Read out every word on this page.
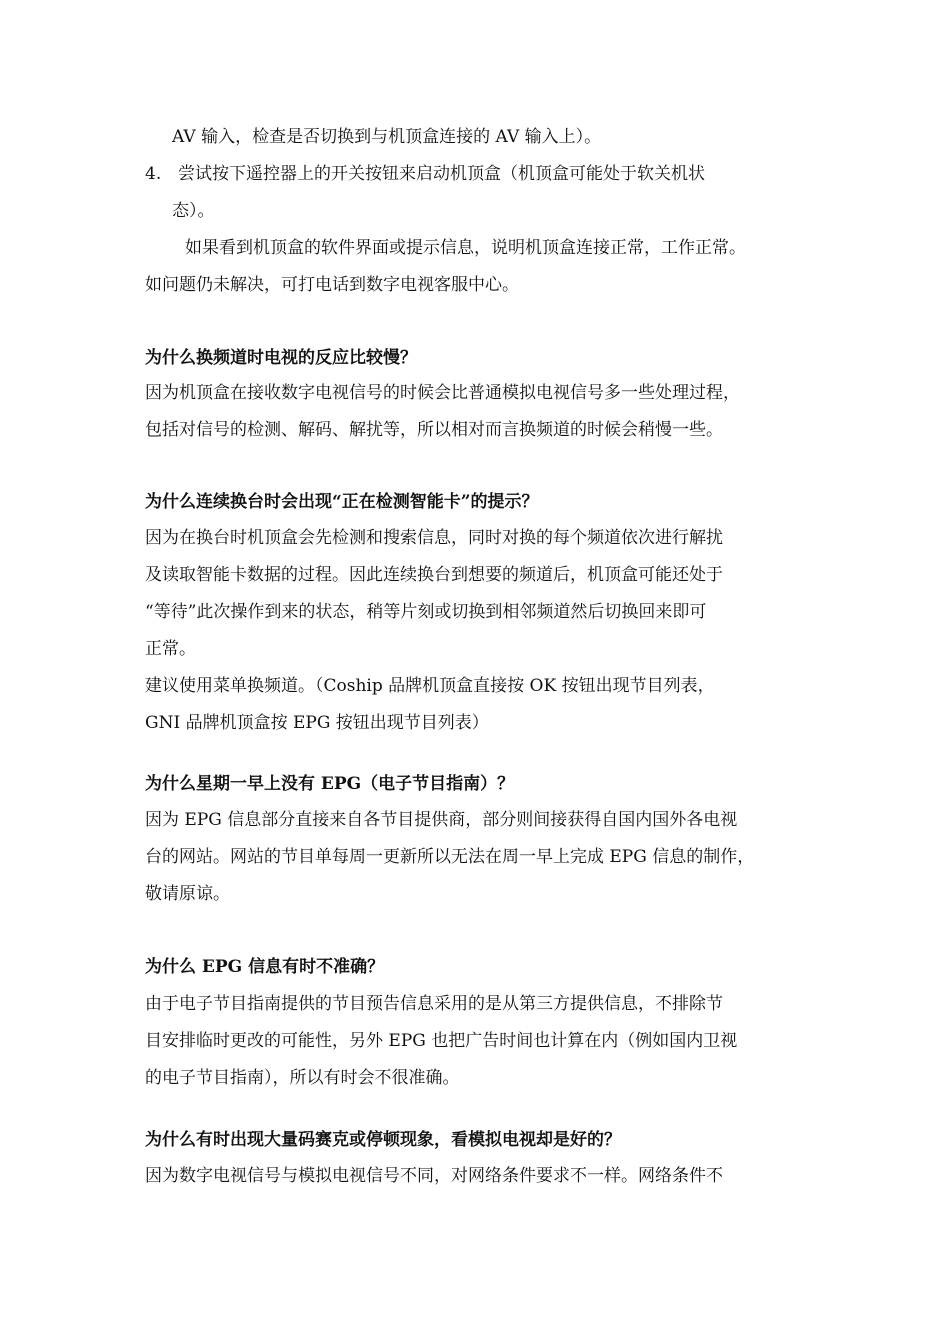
AV 输入，检查是否切换到与机顶盒连接的 AV 输入上）。
4. 尝试按下遥控器上的开关按钮来启动机顶盒（机顶盒可能处于软关机状
态）。
如果看到机顶盒的软件界面或提示信息，说明机顶盒连接正常，工作正常。
如问题仍未解决，可打电话到数字电视客服中心。
为什么换频道时电视的反应比较慢？
因为机顶盒在接收数字电视信号的时候会比普通模拟电视信号多一些处理过程，
包括对信号的检测、解码、解扰等，所以相对而言换频道的时候会稍慢一些。
为什么连续换台时会出现“正在检测智能卡”的提示？
因为在换台时机顶盒会先检测和搜索信息，同时对换的每个频道依次进行解扰
及读取智能卡数据的过程。因此连续换台到想要的频道后，机顶盒可能还处于
“等待”此次操作到来的状态，稍等片刻或切换到相邻频道然后切换回来即可
正常。
建议使用菜单换频道。（Coship 品牌机顶盒直接按 OK 按钮出现节目列表，
GNI 品牌机顶盒按 EPG 按钮出现节目列表）
为什么星期一早上没有 EPG（电子节目指南）？
因为 EPG 信息部分直接来自各节目提供商，部分则间接获得自国内国外各电视
台的网站。网站的节目单每周一更新所以无法在周一早上完成 EPG 信息的制作，
敬请原谅。
为什么 EPG 信息有时不准确？
由于电子节目指南提供的节目预告信息采用的是从第三方提供信息，不排除节
目安排临时更改的可能性，另外 EPG 也把广告时间也计算在内（例如国内卫视
的电子节目指南），所以有时会不很准确。
为什么有时出现大量码赛克或停顿现象，看模拟电视却是好的？
因为数字电视信号与模拟电视信号不同，对网络条件要求不一样。网络条件不
